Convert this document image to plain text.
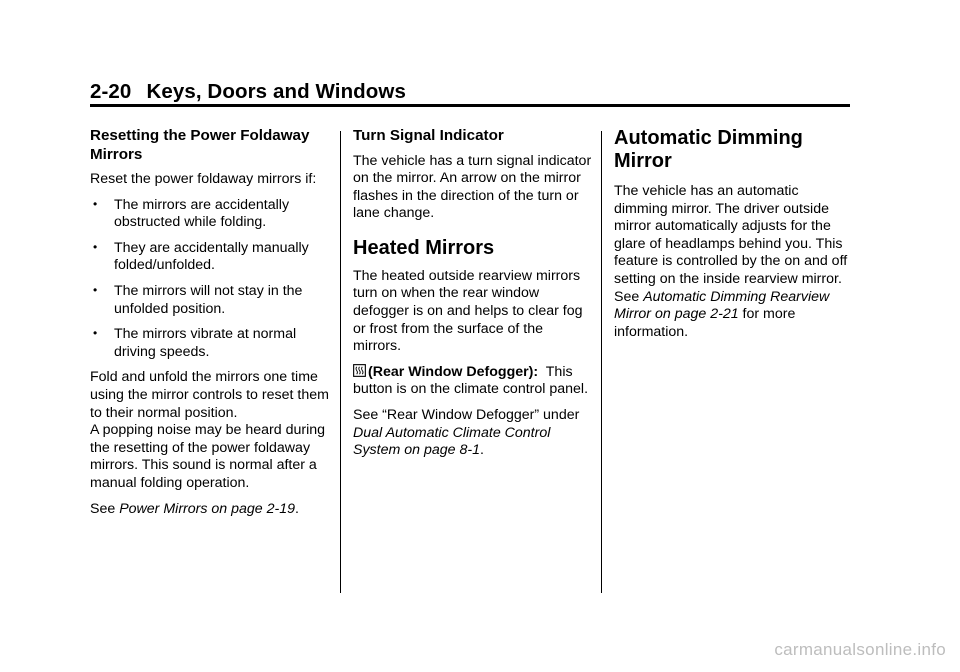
2-20 Keys, Doors and Windows
Resetting the Power Foldaway Mirrors

Reset the power foldaway mirrors if:

• The mirrors are accidentally obstructed while folding.
• They are accidentally manually folded/unfolded.
• The mirrors will not stay in the unfolded position.
• The mirrors vibrate at normal driving speeds.

Fold and unfold the mirrors one time using the mirror controls to reset them to their normal position.
A popping noise may be heard during the resetting of the power foldaway mirrors. This sound is normal after a manual folding operation.

See Power Mirrors on page 2-19.

Turn Signal Indicator

The vehicle has a turn signal indicator on the mirror. An arrow on the mirror flashes in the direction of the turn or lane change.

Heated Mirrors

The heated outside rearview mirrors turn on when the rear window defogger is on and helps to clear fog or frost from the surface of the mirrors.

(Rear Window Defogger): This button is on the climate control panel.

See “Rear Window Defogger” under Dual Automatic Climate Control System on page 8-1.

Automatic Dimming Mirror

The vehicle has an automatic dimming mirror. The driver outside mirror automatically adjusts for the glare of headlamps behind you. This feature is controlled by the on and off setting on the inside rearview mirror. See Automatic Dimming Rearview Mirror on page 2-21 for more information.

carmanualsonline.info
